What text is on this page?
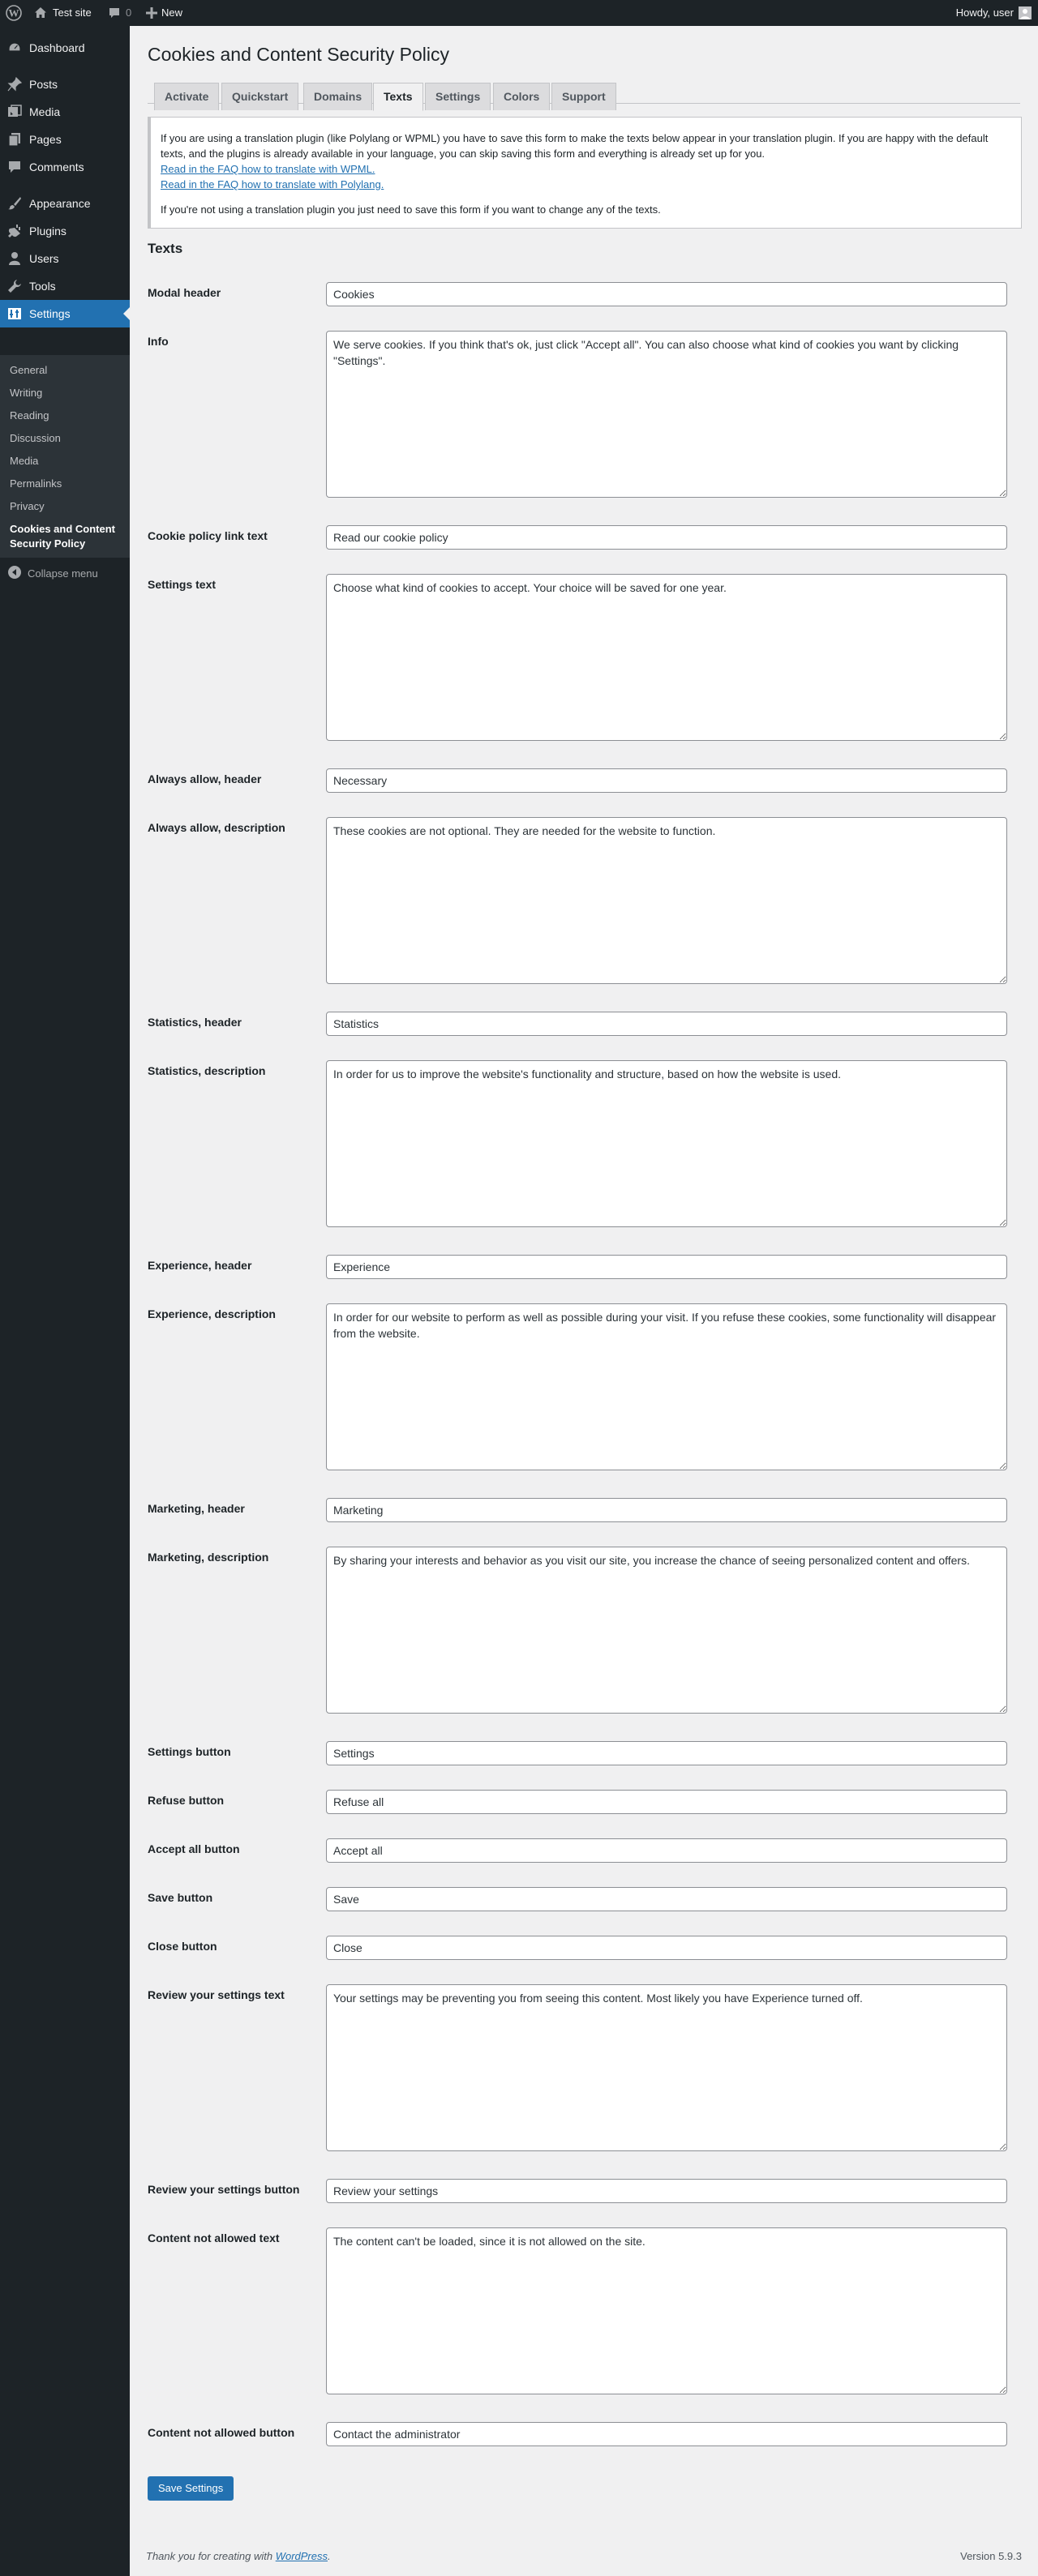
W	Test site	0	New	Howdy, user
Dashboard
Posts
Media
Pages
Comments
Appearance
Plugins
Users
Tools
Settings
General
Writing
Reading
Discussion
Media
Permalinks
Privacy
Cookies and Content Security Policy
Collapse menu
Cookies and Content Security Policy
Activate	Quickstart	Domains	Texts	Settings	Colors	Support

If you are using a translation plugin (like Polylang or WPML) you have to save this form to make the texts below appear in your translation plugin. If you are happy with the default texts, and the plugins is already available in your language, you can skip saving this form and everything is already set up for you.

Read in the FAQ how to translate with WPML.

Read in the FAQ how to translate with Polylang.

If you're not using a translation plugin you just need to save this form if you want to change any of the texts.

Texts
Modal header
Cookies
Info
We serve cookies. If you think that's ok, just click "Accept all". You can also choose what kind of cookies you want by clicking "Settings".
Cookie policy link text
Read our cookie policy
Settings text
Choose what kind of cookies to accept. Your choice will be saved for one year.
Always allow, header
Necessary
Always allow, description
These cookies are not optional. They are needed for the website to function.
Statistics, header
Statistics
Statistics, description
In order for us to improve the website's functionality and structure, based on how the website is used.
Experience, header
Experience
Experience, description
In order for our website to perform as well as possible during your visit. If you refuse these cookies, some functionality will disappear from the website.
Marketing, header
Marketing
Marketing, description
By sharing your interests and behavior as you visit our site, you increase the chance of seeing personalized content and offers.
Settings button
Settings
Refuse button
Refuse all
Accept all button
Accept all
Save button
Save
Close button
Close
Review your settings text
Your settings may be preventing you from seeing this content. Most likely you have Experience turned off.
Review your settings button
Review your settings
Content not allowed text
The content can't be loaded, since it is not allowed on the site.
Content not allowed button
Contact the administrator
Save Settings
Thank you for creating with WordPress.	Version 5.9.3
